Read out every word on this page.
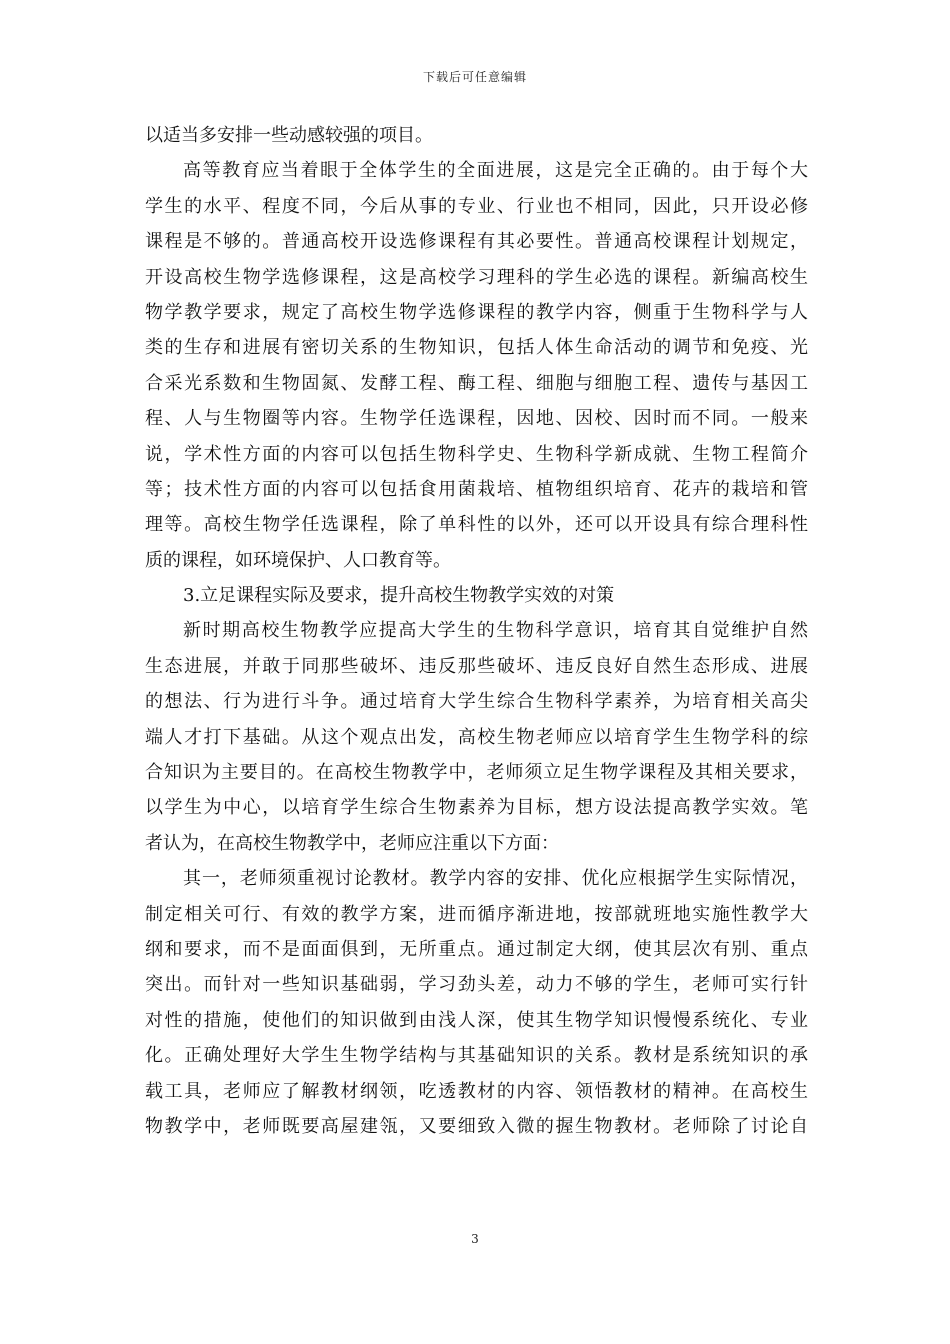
下载后可任意编辑
以适当多安排一些动感较强的项目。
高等教育应当着眼于全体学生的全面进展，这是完全正确的。由于每个大
学生的水平、程度不同，今后从事的专业、行业也不相同，因此，只开设必修
课程是不够的。普通高校开设选修课程有其必要性。普通高校课程计划规定，
开设高校生物学选修课程，这是高校学习理科的学生必选的课程。新编高校生
物学教学要求，规定了高校生物学选修课程的教学内容，侧重于生物科学与人
类的生存和进展有密切关系的生物知识，包括人体生命活动的调节和免疫、光
合采光系数和生物固氮、发酵工程、酶工程、细胞与细胞工程、遗传与基因工
程、人与生物圈等内容。生物学任选课程，因地、因校、因时而不同。一般来
说，学术性方面的内容可以包括生物科学史、生物科学新成就、生物工程简介
等；技术性方面的内容可以包括食用菌栽培、植物组织培育、花卉的栽培和管
理等。高校生物学任选课程，除了单科性的以外，还可以开设具有综合理科性
质的课程，如环境保护、人口教育等。
3.立足课程实际及要求，提升高校生物教学实效的对策
新时期高校生物教学应提高大学生的生物科学意识，培育其自觉维护自然
生态进展，并敢于同那些破坏、违反那些破坏、违反良好自然生态形成、进展
的想法、行为进行斗争。通过培育大学生综合生物科学素养，为培育相关高尖
端人才打下基础。从这个观点出发，高校生物老师应以培育学生生物学科的综
合知识为主要目的。在高校生物教学中，老师须立足生物学课程及其相关要求，
以学生为中心，以培育学生综合生物素养为目标，想方设法提高教学实效。笔
者认为，在高校生物教学中，老师应注重以下方面：
其一，老师须重视讨论教材。教学内容的安排、优化应根据学生实际情况，
制定相关可行、有效的教学方案，进而循序渐进地，按部就班地实施性教学大
纲和要求，而不是面面俱到，无所重点。通过制定大纲，使其层次有别、重点
突出。而针对一些知识基础弱，学习劲头差，动力不够的学生，老师可实行针
对性的措施，使他们的知识做到由浅人深，使其生物学知识慢慢系统化、专业
化。正确处理好大学生生物学结构与其基础知识的关系。教材是系统知识的承
载工具，老师应了解教材纲领，吃透教材的内容、领悟教材的精神。在高校生
物教学中，老师既要高屋建瓴，又要细致入微的握生物教材。老师除了讨论自
3
